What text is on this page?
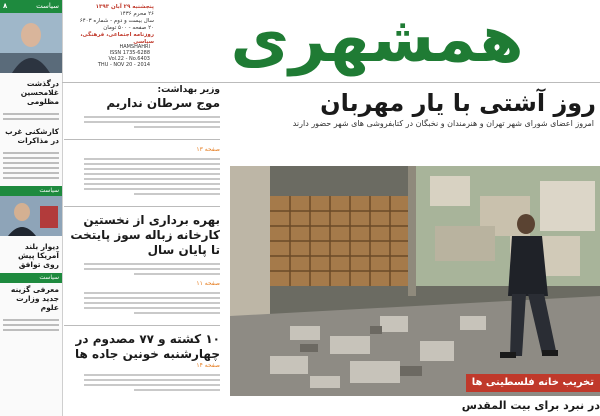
۸	سیاست
درگذشت غلامحسین مظلومی
کارشکنی غرب در مذاکرات
سیاست
دیوار بلند آمریکا پیش روی توافق
سیاست
معرفی گزینه جدید وزارت علوم
پنجشنبه ۲۹ آبان ۱۳۹۳
۲۶ محرم ۱۴۳۶
سال بیست و دوم - شماره ۶۴۰۳
۲۰ صفحه - ۵۰۰ تومان
روزنامه اجتماعی، فرهنگی، سیاسی
HAMSHAHRI
ISSN 1735-6288
Vol.22 - No.6403
THU - NOV 20 - 2014	همشهری
وزیر بهداشت:
موج سرطان نداریم
صفحه ۱۳
بهره برداری از نخستین کارخانه زباله سوز پایتخت تا پایان سال
صفحه ۱۱
۱۰ کشته و ۷۷ مصدوم در چهارشنبه خونین جاده ها
صفحه ۱۴
روز آشتی با یار مهربان
امروز اعضای شورای شهر تهران و هنرمندان و نخبگان در کتابفروشی های شهر حضور دارند
تخریب خانه فلسطینی ها
در نبرد برای بیت المقدس
